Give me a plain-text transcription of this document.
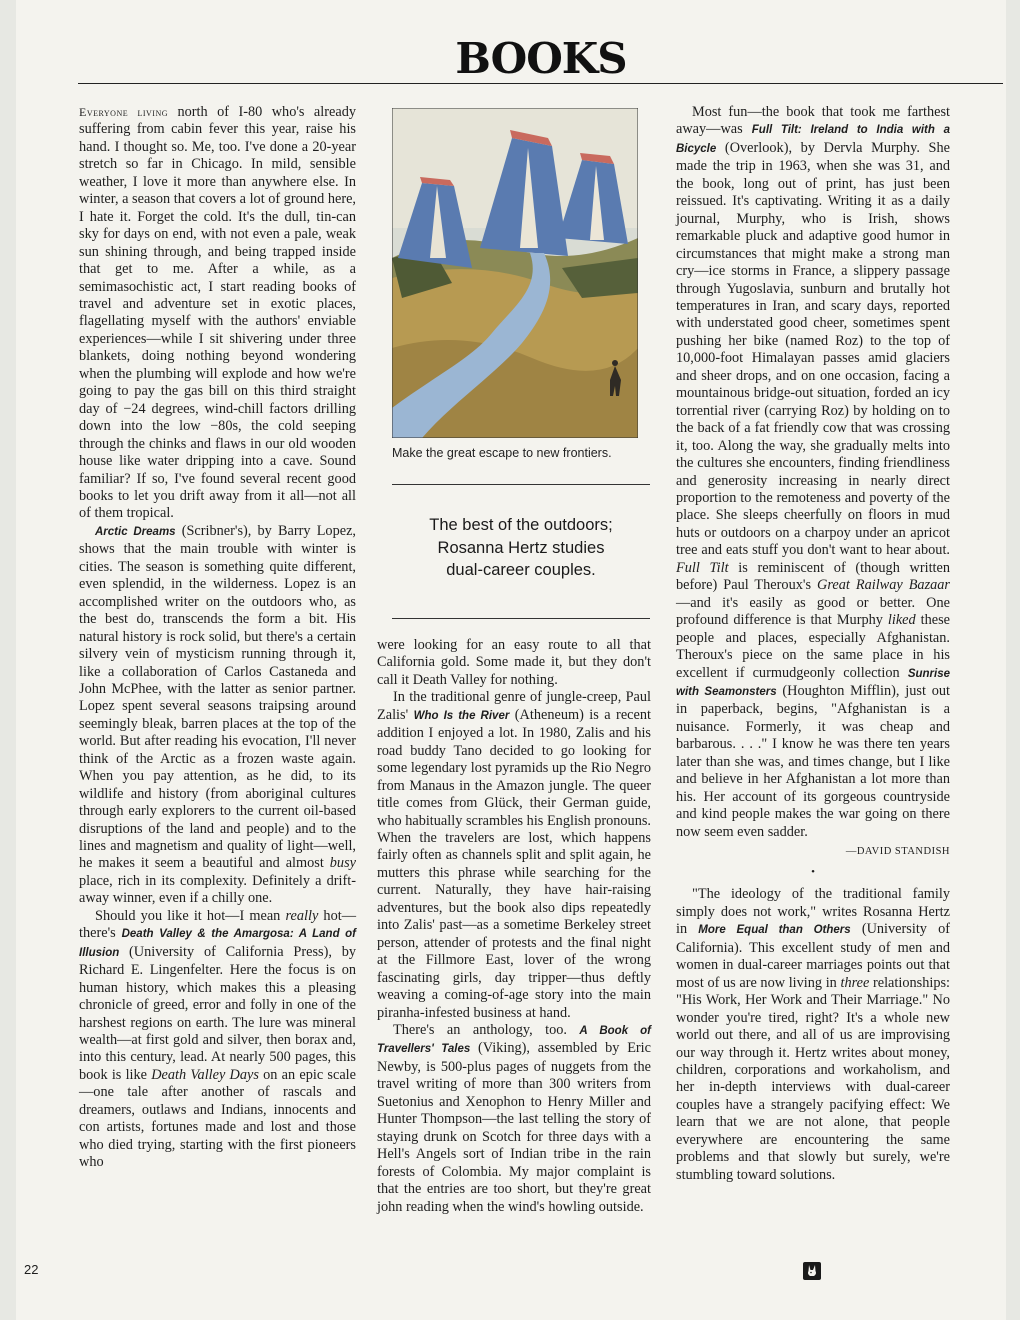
BOOKS

Everyone living north of I-80 who's already suffering from cabin fever this year, raise his hand. I thought so. Me, too. I've done a 20-year stretch so far in Chicago. In mild, sensible weather, I love it more than anywhere else. In winter, a season that covers a lot of ground here, I hate it. Forget the cold. It's the dull, tin-can sky for days on end, with not even a pale, weak sun shining through, and being trapped inside that get to me. After a while, as a semimasochistic act, I start reading books of travel and adventure set in exotic places, flagellating myself with the authors' enviable experiences—while I sit shivering under three blankets, doing nothing beyond wondering when the plumbing will explode and how we're going to pay the gas bill on this third straight day of −24 degrees, wind-chill factors drilling down into the low −80s, the cold seeping through the chinks and flaws in our old wooden house like water dripping into a cave. Sound familiar? If so, I've found several recent good books to let you drift away from it all—not all of them tropical.

Arctic Dreams (Scribner's), by Barry Lopez, shows that the main trouble with winter is cities. The season is something quite different, even splendid, in the wilderness. Lopez is an accomplished writer on the outdoors who, as the best do, transcends the form a bit. His natural history is rock solid, but there's a certain silvery vein of mysticism running through it, like a collaboration of Carlos Castaneda and John McPhee, with the latter as senior partner. Lopez spent several seasons traipsing around seemingly bleak, barren places at the top of the world. But after reading his evocation, I'll never think of the Arctic as a frozen waste again. When you pay attention, as he did, to its wildlife and history (from aboriginal cultures through early explorers to the current oil-based disruptions of the land and people) and to the lines and magnetism and quality of light—well, he makes it seem a beautiful and almost busy place, rich in its complexity. Definitely a drift-away winner, even if a chilly one.

Should you like it hot—I mean really hot—there's Death Valley & the Amargosa: A Land of Illusion (University of California Press), by Richard E. Lingenfelter. Here the focus is on human history, which makes this a pleasing chronicle of greed, error and folly in one of the harshest regions on earth. The lure was mineral wealth—at first gold and silver, then borax and, into this century, lead. At nearly 500 pages, this book is like Death Valley Days on an epic scale—one tale after another of rascals and dreamers, outlaws and Indians, innocents and con artists, fortunes made and lost and those who died trying, starting with the first pioneers who

Make the great escape to new frontiers.
The best of the outdoors;
Rosanna Hertz studies
dual-career couples.

were looking for an easy route to all that California gold. Some made it, but they don't call it Death Valley for nothing.

In the traditional genre of jungle-creep, Paul Zalis' Who Is the River (Atheneum) is a recent addition I enjoyed a lot. In 1980, Zalis and his road buddy Tano decided to go looking for some legendary lost pyramids up the Rio Negro from Manaus in the Amazon jungle. The queer title comes from Glück, their German guide, who habitually scrambles his English pronouns. When the travelers are lost, which happens fairly often as channels split and split again, he mutters this phrase while searching for the current. Naturally, they have hair-raising adventures, but the book also dips repeatedly into Zalis' past—as a sometime Berkeley street person, attender of protests and the final night at the Fillmore East, lover of the wrong fascinating girls, day tripper—thus deftly weaving a coming-of-age story into the main piranha-infested business at hand.

There's an anthology, too. A Book of Travellers' Tales (Viking), assembled by Eric Newby, is 500-plus pages of nuggets from the travel writing of more than 300 writers from Suetonius and Xenophon to Henry Miller and Hunter Thompson—the last telling the story of staying drunk on Scotch for three days with a Hell's Angels sort of Indian tribe in the rain forests of Colombia. My major complaint is that the entries are too short, but they're great john reading when the wind's howling outside.

Most fun—the book that took me farthest away—was Full Tilt: Ireland to India with a Bicycle (Overlook), by Dervla Murphy. She made the trip in 1963, when she was 31, and the book, long out of print, has just been reissued. It's captivating. Writing it as a daily journal, Murphy, who is Irish, shows remarkable pluck and adaptive good humor in circumstances that might make a strong man cry—ice storms in France, a slippery passage through Yugoslavia, sunburn and brutally hot temperatures in Iran, and scary days, reported with understated good cheer, sometimes spent pushing her bike (named Roz) to the top of 10,000-foot Himalayan passes amid glaciers and sheer drops, and on one occasion, facing a mountainous bridge-out situation, forded an icy torrential river (carrying Roz) by holding on to the back of a fat friendly cow that was crossing it, too. Along the way, she gradually melts into the cultures she encounters, finding friendliness and generosity increasing in nearly direct proportion to the remoteness and poverty of the place. She sleeps cheerfully on floors in mud huts or outdoors on a charpoy under an apricot tree and eats stuff you don't want to hear about. Full Tilt is reminiscent of (though written before) Paul Theroux's Great Railway Bazaar—and it's easily as good or better. One profound difference is that Murphy liked these people and places, especially Afghanistan. Theroux's piece on the same place in his excellent if curmudgeonly collection Sunrise with Seamonsters (Houghton Mifflin), just out in paperback, begins, "Afghanistan is a nuisance. Formerly, it was cheap and barbarous. . . ." I know he was there ten years later than she was, and times change, but I like and believe in her Afghanistan a lot more than his. Her account of its gorgeous countryside and kind people makes the war going on there now seem even sadder.

—DAVID STANDISH
•

"The ideology of the traditional family simply does not work," writes Rosanna Hertz in More Equal than Others (University of California). This excellent study of men and women in dual-career marriages points out that most of us are now living in three relationships: "His Work, Her Work and Their Marriage." No wonder you're tired, right? It's a whole new world out there, and all of us are improvising our way through it. Hertz writes about money, children, corporations and workaholism, and her in-depth interviews with dual-career couples have a strangely pacifying effect: We learn that we are not alone, that people everywhere are encountering the same problems and that slowly but surely, we're stumbling toward solutions.

22
